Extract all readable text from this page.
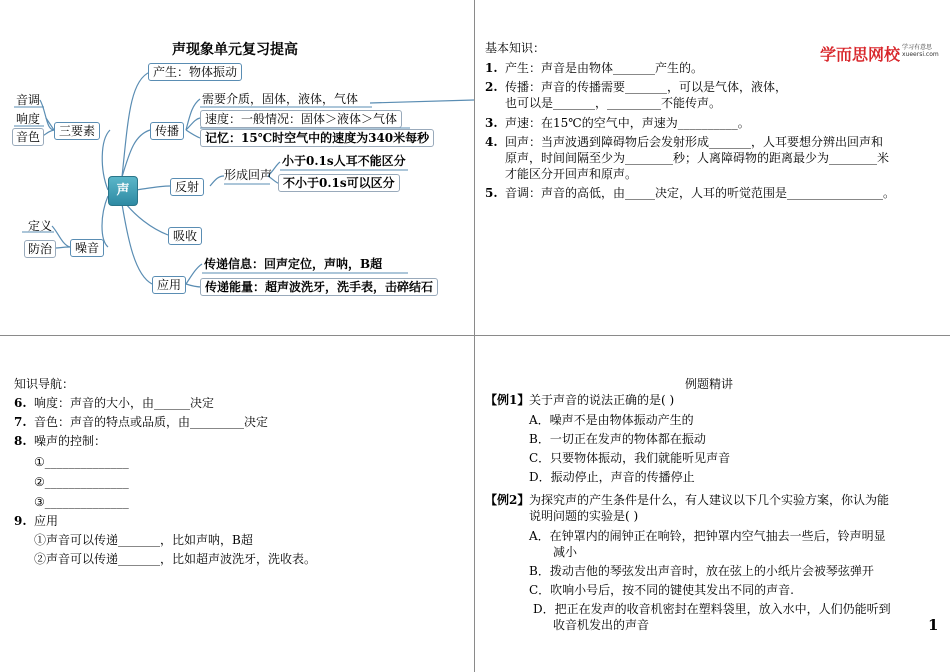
声现象单元复习提高
声
产生：物体振动
传播
需要介质，固体，液体，气体
速度：一般情况：固体＞液体＞气体
记忆：15℃时空气中的速度为340米每秒
反射
形成回声
小于0.1s人耳不能区分
不小于0.1s可以区分
吸收
应用
传递信息：回声定位，声呐，B超
传递能量：超声波洗牙，洗手表，击碎结石
三要素
音调
响度
音色
噪音
定义
防治
学而思网校 学习有意思
xueersi.com
基本知识：
1. 产生：声音是由物体_______产生的。
2. 传播：声音的传播需要_______，可以是气体，液体，
也可以是_______，_________不能传声。
3. 声速：在15℃的空气中，声速为__________。
4. 回声：当声波遇到障碍物后会发射形成_______，人耳要想分辨出回声和
原声，时间间隔至少为________秒；人离障碍物的距离最少为________米
才能区分开回声和原声。
5. 音调：声音的高低，由_____决定，人耳的听觉范围是________________。
知识导航：
6. 响度：声音的大小，由______决定
7. 音色：声音的特点或品质，由_________决定
8. 噪声的控制：
①______________
②______________
③______________
9. 应用
①声音可以传递_______，比如声呐，B超
②声音可以传递_______，比如超声波洗牙，洗收表。
例题精讲
【例1】 关于声音的说法正确的是( )
A．噪声不是由物体振动产生的
B．一切正在发声的物体都在振动
C．只要物体振动，我们就能听见声音
D．振动停止，声音的传播停止
【例2】 为探究声的产生条件是什么，有人建议以下几个实验方案，你认为能
说明问题的实验是( )
A．在钟罩内的闹钟正在响铃，把钟罩内空气抽去一些后，铃声明显
减小
B．拨动吉他的琴弦发出声音时，放在弦上的小纸片会被琴弦弹开
C．吹响小号后，按不同的键使其发出不同的声音.
D．把正在发声的收音机密封在塑料袋里，放入水中，人们仍能听到
收音机发出的声音	1
